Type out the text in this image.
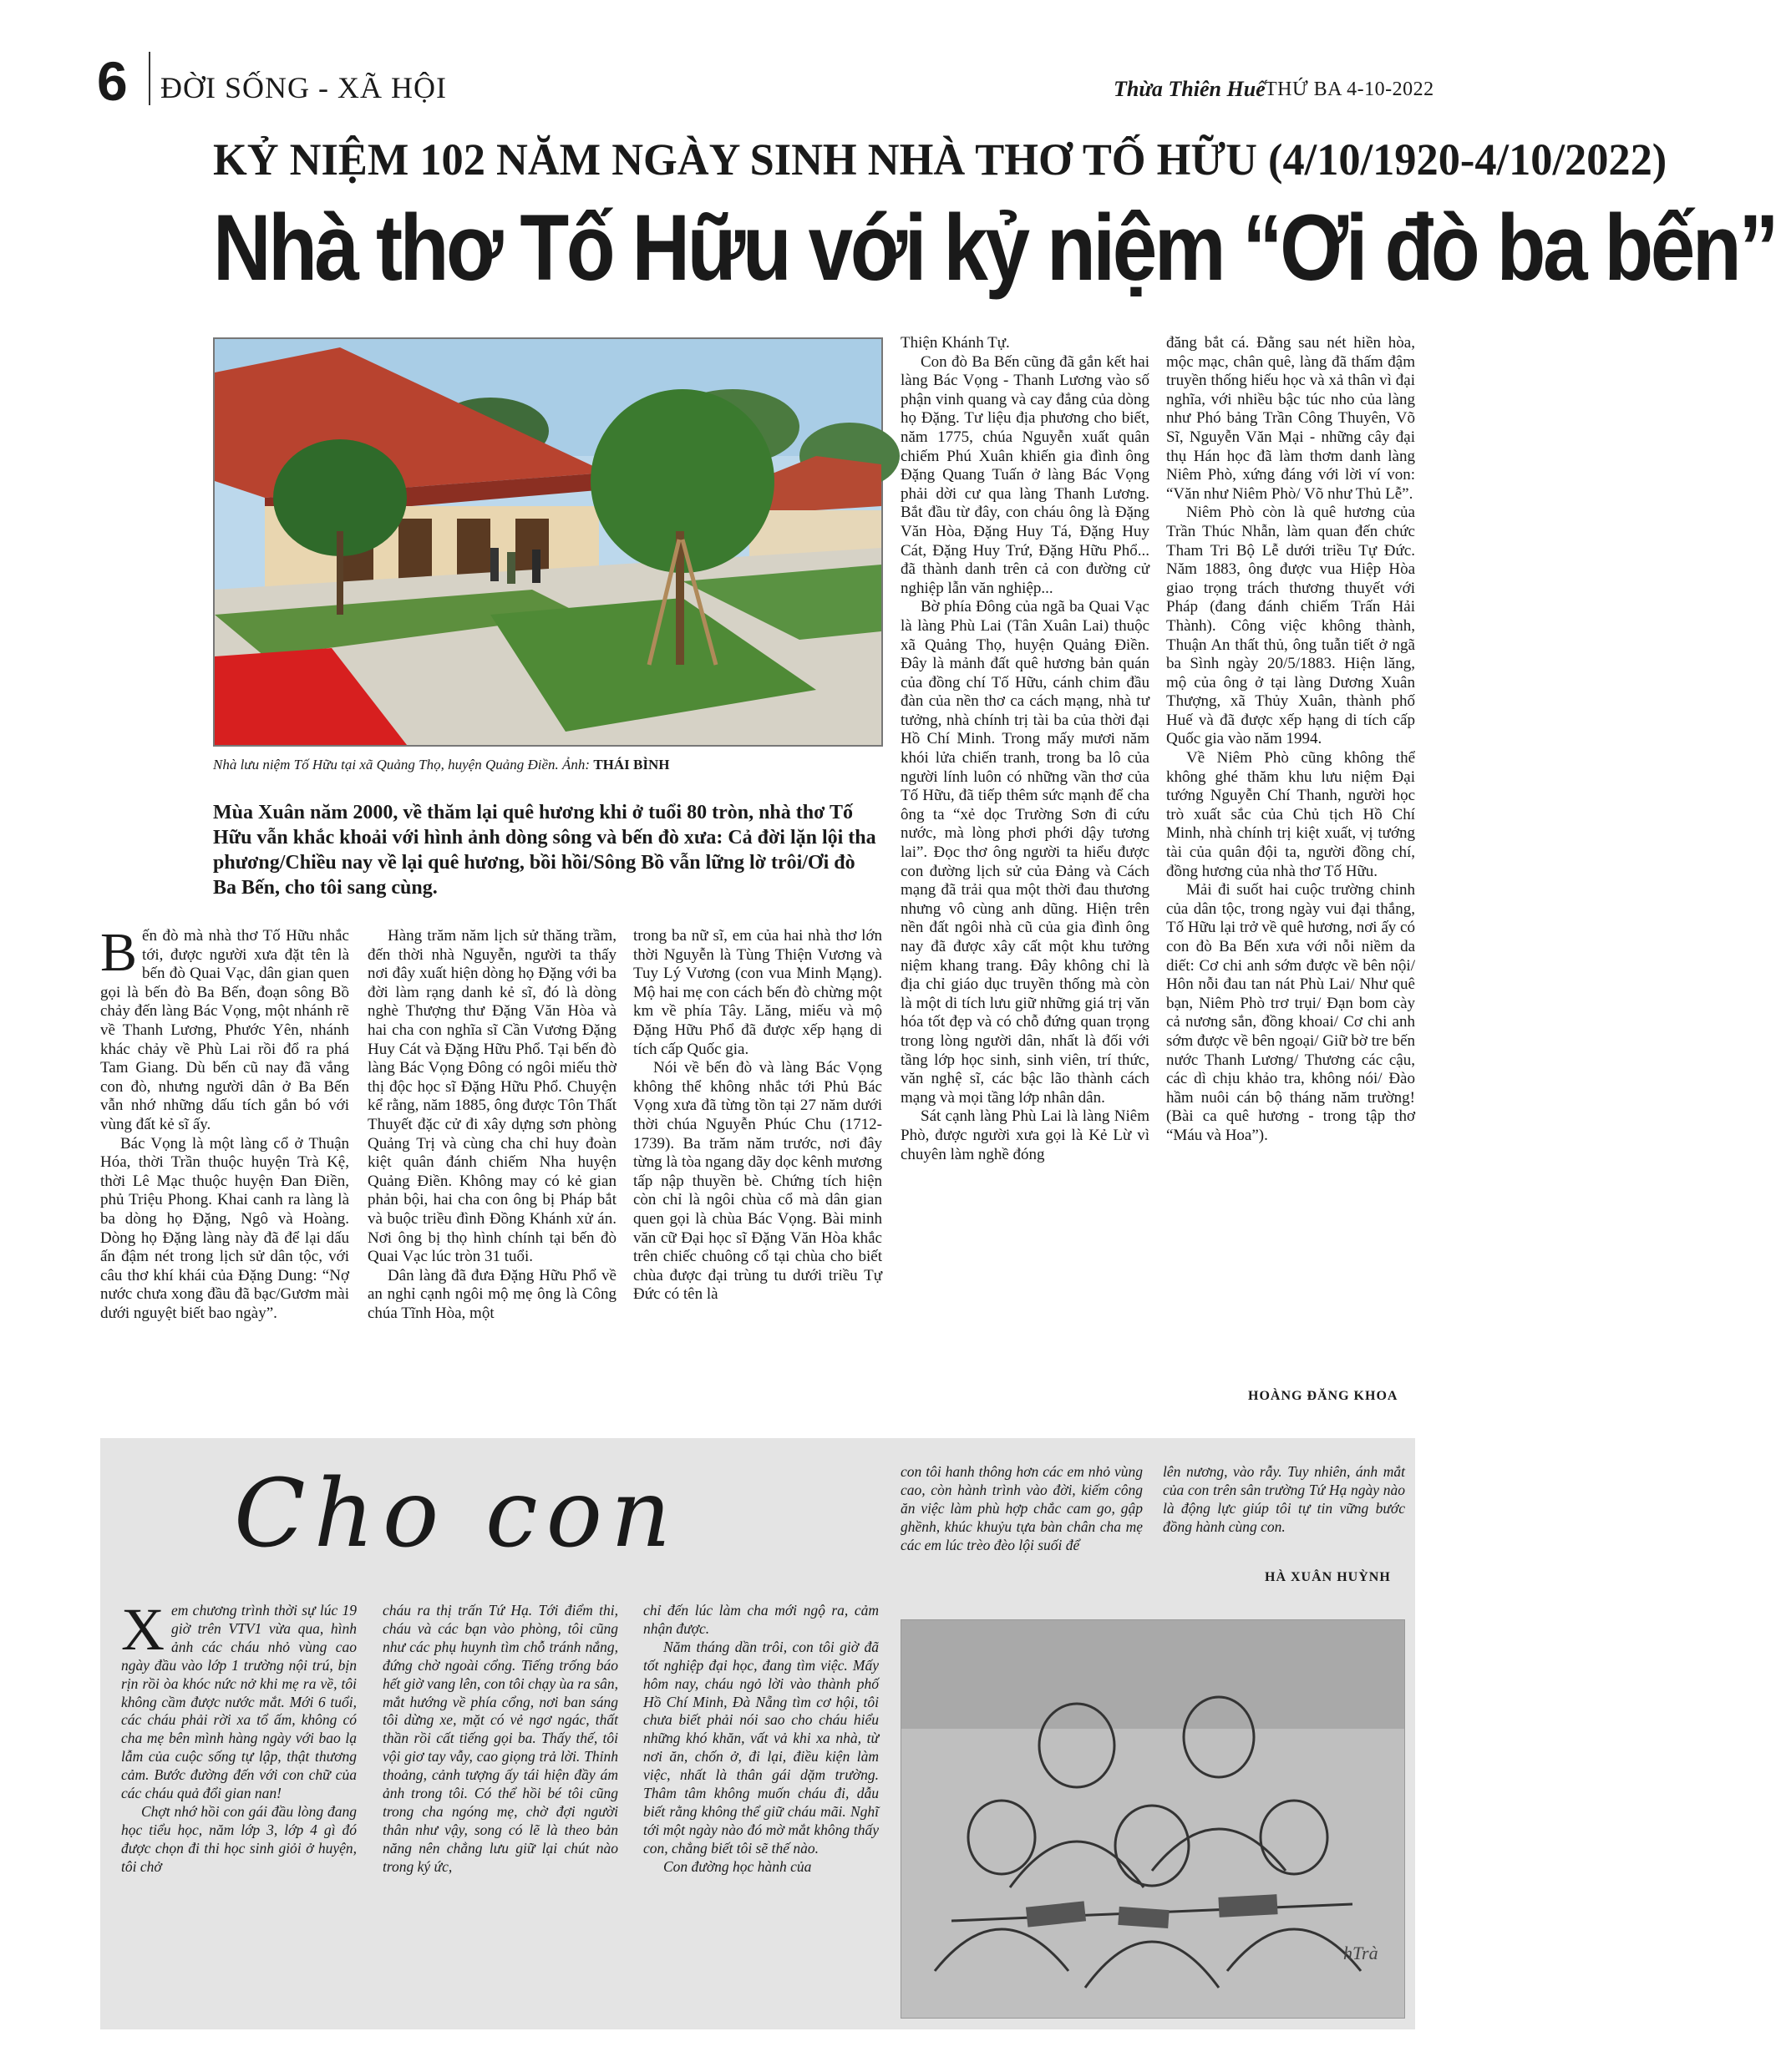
6 ĐỜI SỐNG - XÃ HỘI	Thừa Thiên Huế THỨ BA 4-10-2022
KỶ NIỆM 102 NĂM NGÀY SINH NHÀ THƠ TỐ HỮU (4/10/1920-4/10/2022)
Nhà thơ Tố Hữu với kỷ niệm “Ơi đò ba bến”
Nhà lưu niệm Tố Hữu tại xã Quảng Thọ, huyện Quảng Điền. Ảnh: THÁI BÌNH
Mùa Xuân năm 2000, về thăm lại quê hương khi ở tuổi 80 tròn, nhà thơ Tố Hữu vẫn khắc khoải với hình ảnh dòng sông và bến đò xưa: Cả đời lặn lội tha phương/Chiều nay về lại quê hương, bồi hồi/Sông Bồ vẫn lững lờ trôi/Ơi đò Ba Bến, cho tôi sang cùng.

Bến đò mà nhà thơ Tố Hữu nhắc tới, được người xưa đặt tên là bến đò Quai Vạc, dân gian quen gọi là bến đò Ba Bến, đoạn sông Bồ chảy đến làng Bác Vọng, một nhánh rẽ về Thanh Lương, Phước Yên, nhánh khác chảy về Phù Lai rồi đổ ra phá Tam Giang. Dù bến cũ nay đã vắng con đò, nhưng người dân ở Ba Bến vẫn nhớ những dấu tích gắn bó với vùng đất kẻ sĩ ấy.

Bác Vọng là một làng cổ ở Thuận Hóa, thời Trần thuộc huyện Trà Kệ, thời Lê Mạc thuộc huyện Đan Điền, phủ Triệu Phong. Khai canh ra làng là ba dòng họ Đặng, Ngô và Hoàng. Dòng họ Đặng làng này đã để lại dấu ấn đậm nét trong lịch sử dân tộc, với câu thơ khí khái của Đặng Dung: “Nợ nước chưa xong đầu đã bạc/Gươm mài dưới nguyệt biết bao ngày”.

Hàng trăm năm lịch sử thăng trầm, đến thời nhà Nguyễn, người ta thấy nơi đây xuất hiện dòng họ Đặng với ba đời làm rạng danh kẻ sĩ, đó là dòng nghè Thượng thư Đặng Văn Hòa và hai cha con nghĩa sĩ Cần Vương Đặng Huy Cát và Đặng Hữu Phổ. Tại bến đò làng Bác Vọng Đông có ngôi miếu thờ thị độc học sĩ Đặng Hữu Phổ. Chuyện kể rằng, năm 1885, ông được Tôn Thất Thuyết đặc cử đi xây dựng sơn phòng Quảng Trị và cùng cha chỉ huy đoàn kiệt quân đánh chiếm Nha huyện Quảng Điền. Không may có kẻ gian phản bội, hai cha con ông bị Pháp bắt và buộc triều đình Đồng Khánh xử án. Nơi ông bị thọ hình chính tại bến đò Quai Vạc lúc tròn 31 tuổi.

Dân làng đã đưa Đặng Hữu Phổ về an nghỉ cạnh ngôi mộ mẹ ông là Công chúa Tĩnh Hòa, một

trong ba nữ sĩ, em của hai nhà thơ lớn thời Nguyễn là Tùng Thiện Vương và Tuy Lý Vương (con vua Minh Mạng). Mộ hai mẹ con cách bến đò chừng một km về phía Tây. Lăng, miếu và mộ Đặng Hữu Phổ đã được xếp hạng di tích cấp Quốc gia.

Nói về bến đò và làng Bác Vọng không thể không nhắc tới Phủ Bác Vọng xưa đã từng tồn tại 27 năm dưới thời chúa Nguyễn Phúc Chu (1712-1739). Ba trăm năm trước, nơi đây từng là tòa ngang dãy dọc kênh mương tấp nập thuyền bè. Chứng tích hiện còn chỉ là ngôi chùa cổ mà dân gian quen gọi là chùa Bác Vọng. Bài minh văn cữ Đại học sĩ Đặng Văn Hòa khắc trên chiếc chuông cổ tại chùa cho biết chùa được đại trùng tu dưới triều Tự Đức có tên là

Thiện Khánh Tự.

Con đò Ba Bến cũng đã gắn kết hai làng Bác Vọng - Thanh Lương vào số phận vinh quang và cay đắng của dòng họ Đặng. Tư liệu địa phương cho biết, năm 1775, chúa Nguyễn xuất quân chiếm Phú Xuân khiến gia đình ông Đặng Quang Tuấn ở làng Bác Vọng phải dời cư qua làng Thanh Lương. Bắt đầu từ đây, con cháu ông là Đặng Văn Hòa, Đặng Huy Tá, Đặng Huy Cát, Đặng Huy Trứ, Đặng Hữu Phổ... đã thành danh trên cả con đường cử nghiệp lẫn văn nghiệp...

Bờ phía Đông của ngã ba Quai Vạc là làng Phù Lai (Tân Xuân Lai) thuộc xã Quảng Thọ, huyện Quảng Điền. Đây là mảnh đất quê hương bản quán của đồng chí Tố Hữu, cánh chim đầu đàn của nền thơ ca cách mạng, nhà tư tưởng, nhà chính trị tài ba của thời đại Hồ Chí Minh. Trong mấy mươi năm khói lửa chiến tranh, trong ba lô của người lính luôn có những vần thơ của Tố Hữu, đã tiếp thêm sức mạnh để cha ông ta “xẻ dọc Trường Sơn đi cứu nước, mà lòng phơi phới dậy tương lai”. Đọc thơ ông người ta hiểu được con đường lịch sử của Đảng và Cách mạng đã trải qua một thời đau thương nhưng vô cùng anh dũng. Hiện trên nền đất ngôi nhà cũ của gia đình ông nay đã được xây cất một khu tưởng niệm khang trang. Đây không chỉ là địa chỉ giáo dục truyền thống mà còn là một di tích lưu giữ những giá trị văn hóa tốt đẹp và có chỗ đứng quan trọng trong lòng người dân, nhất là đối với tầng lớp học sinh, sinh viên, trí thức, văn nghệ sĩ, các bậc lão thành cách mạng và mọi tầng lớp nhân dân.

Sát cạnh làng Phù Lai là làng Niêm Phò, được người xưa gọi là Kẻ Lừ vì chuyên làm nghề đóng

đăng bắt cá. Đằng sau nét hiền hòa, mộc mạc, chân quê, làng đã thấm đậm truyền thống hiếu học và xả thân vì đại nghĩa, với nhiều bậc túc nho của làng như Phó bảng Trần Công Thuyên, Võ Sĩ, Nguyễn Văn Mại - những cây đại thụ Hán học đã làm thơm danh làng Niêm Phò, xứng đáng với lời ví von: “Văn như Niêm Phò/ Võ như Thủ Lễ”.

Niêm Phò còn là quê hương của Trần Thúc Nhẫn, làm quan đến chức Tham Tri Bộ Lễ dưới triều Tự Đức. Năm 1883, ông được vua Hiệp Hòa giao trọng trách thương thuyết với Pháp (đang đánh chiếm Trấn Hải Thành). Công việc không thành, Thuận An thất thủ, ông tuẫn tiết ở ngã ba Sình ngày 20/5/1883. Hiện lăng, mộ của ông ở tại làng Dương Xuân Thượng, xã Thủy Xuân, thành phố Huế và đã được xếp hạng di tích cấp Quốc gia vào năm 1994.

Về Niêm Phò cũng không thể không ghé thăm khu lưu niệm Đại tướng Nguyễn Chí Thanh, người học trò xuất sắc của Chủ tịch Hồ Chí Minh, nhà chính trị kiệt xuất, vị tướng tài của quân đội ta, người đồng chí, đồng hương của nhà thơ Tố Hữu.

Mải đi suốt hai cuộc trường chinh của dân tộc, trong ngày vui đại thắng, Tố Hữu lại trở về quê hương, nơi ấy có con đò Ba Bến xưa với nỗi niềm da diết: Cơ chi anh sớm được về bên nội/ Hôn nỗi đau tan nát Phù Lai/ Như quê bạn, Niêm Phò trơ trụi/ Đạn bom cày cả nương sắn, đồng khoai/ Cơ chi anh sớm được về bên ngoại/ Giữ bờ tre bến nước Thanh Lương/ Thương các cậu, các dì chịu khảo tra, không nói/ Đào hầm nuôi cán bộ tháng năm trường! (Bài ca quê hương - trong tập thơ “Máu và Hoa”).

HOÀNG ĐĂNG KHOA
Cho con

Xem chương trình thời sự lúc 19 giờ trên VTV1 vừa qua, hình ảnh các cháu nhỏ vùng cao ngày đầu vào lớp 1 trường nội trú, bịn rịn rồi òa khóc nức nở khi mẹ ra về, tôi không cầm được nước mắt. Mới 6 tuổi, các cháu phải rời xa tổ ấm, không có cha mẹ bên mình hàng ngày với bao lạ lẫm của cuộc sống tự lập, thật thương cảm. Bước đường đến với con chữ của các cháu quả đổi gian nan!

Chợt nhớ hồi con gái đầu lòng đang học tiểu học, năm lớp 3, lớp 4 gì đó được chọn đi thi học sinh giỏi ở huyện, tôi chở

cháu ra thị trấn Tứ Hạ. Tới điểm thi, cháu và các bạn vào phòng, tôi cũng như các phụ huynh tìm chỗ tránh nắng, đứng chờ ngoài cổng. Tiếng trống báo hết giờ vang lên, con tôi chạy ùa ra sân, mắt hướng về phía cổng, nơi ban sáng tôi dừng xe, mặt có vẻ ngơ ngác, thất thần rồi cất tiếng gọi ba. Thấy thế, tôi vội giơ tay vẫy, cao giọng trả lời. Thỉnh thoảng, cảnh tượng ấy tái hiện đầy ám ảnh trong tôi. Có thể hồi bé tôi cũng trong cha ngóng mẹ, chờ đợi người thân như vậy, song có lẽ là theo bản năng nên chẳng lưu giữ lại chút nào trong ký ức,

chỉ đến lúc làm cha mới ngộ ra, cảm nhận được.

Năm tháng dần trôi, con tôi giờ đã tốt nghiệp đại học, đang tìm việc. Mấy hôm nay, cháu ngỏ lời vào thành phố Hồ Chí Minh, Đà Nẵng tìm cơ hội, tôi chưa biết phải nói sao cho cháu hiểu những khó khăn, vất vả khi xa nhà, từ nơi ăn, chốn ở, đi lại, điều kiện làm việc, nhất là thân gái dặm trường. Thâm tâm không muốn cháu đi, dẫu biết rằng không thể giữ cháu mãi. Nghĩ tới một ngày nào đó mờ mắt không thấy con, chẳng biết tôi sẽ thế nào.

Con đường học hành của

con tôi hanh thông hơn các em nhỏ vùng cao, còn hành trình vào đời, kiếm công ăn việc làm phù hợp chắc cam go, gập ghềnh, khúc khuỷu tựa bàn chân cha mẹ các em lúc trèo đèo lội suối để

lên nương, vào rẫy. Tuy nhiên, ánh mắt của con trên sân trường Tứ Hạ ngày nào là động lực giúp tôi tự tin vững bước đồng hành cùng con.

HÀ XUÂN HUỲNH
hTrà
